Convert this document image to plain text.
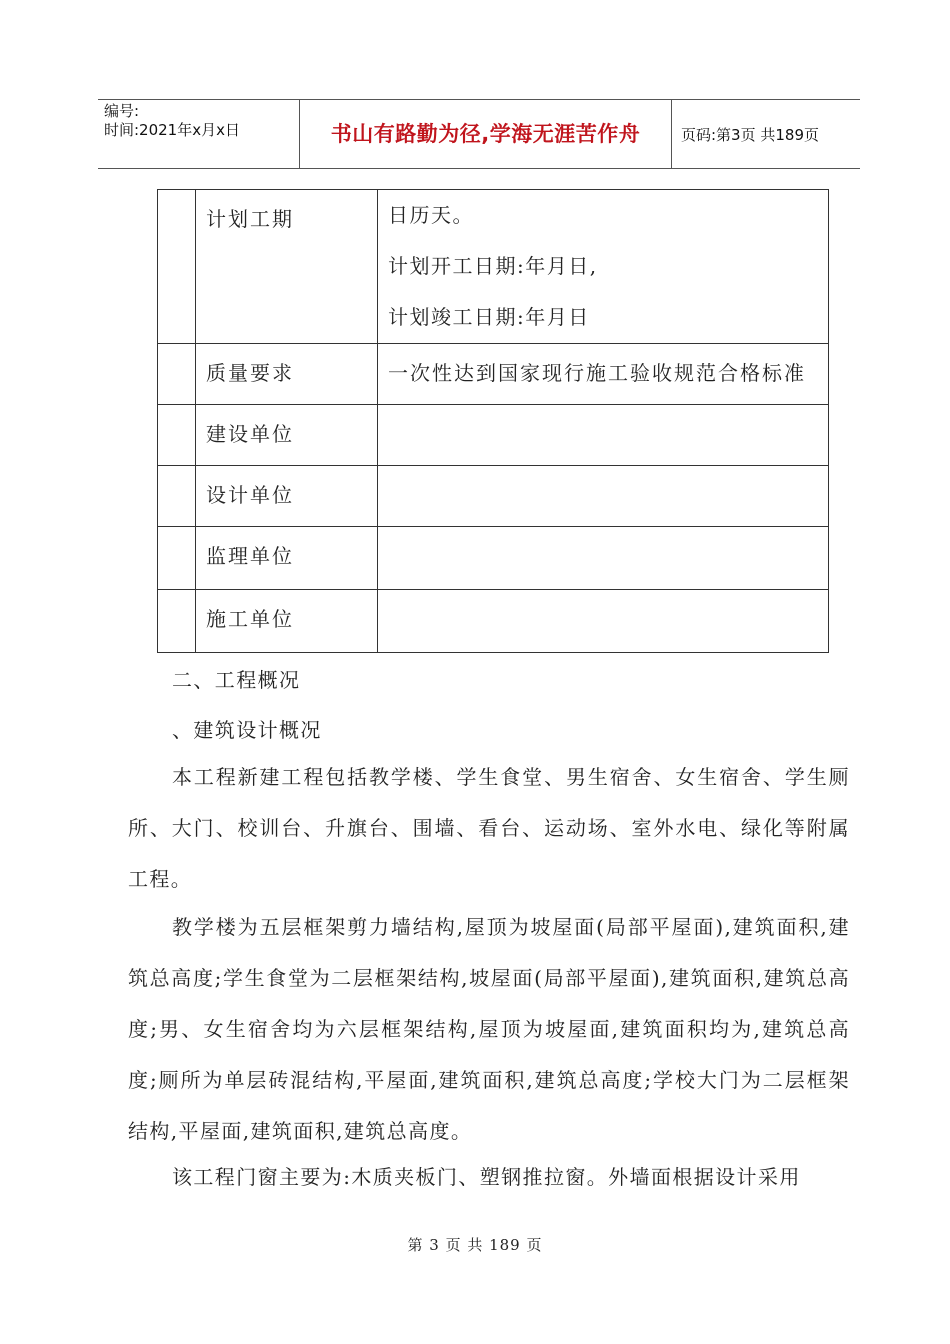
编号:
时间:2021年x月x日	书山有路勤为径,学海无涯苦作舟	页码:第3页 共189页

	计划工期	日历天。
计划开工日期:年月日,
计划竣工日期:年月日

	质量要求	一次性达到国家现行施工验收规范合格标准

	建设单位	

	设计单位	

	监理单位	

	施工单位	

二、工程概况
、建筑设计概况
本工程新建工程包括教学楼、学生食堂、男生宿舍、女生宿舍、学生厕所、大门、校训台、升旗台、围墙、看台、运动场、室外水电、绿化等附属工程。
教学楼为五层框架剪力墙结构,屋顶为坡屋面(局部平屋面),建筑面积,建筑总高度;学生食堂为二层框架结构,坡屋面(局部平屋面),建筑面积,建筑总高度;男、女生宿舍均为六层框架结构,屋顶为坡屋面,建筑面积均为,建筑总高度;厕所为单层砖混结构,平屋面,建筑面积,建筑总高度;学校大门为二层框架结构,平屋面,建筑面积,建筑总高度。
该工程门窗主要为:木质夹板门、塑钢推拉窗。外墙面根据设计采用
第 3 页 共 189 页
